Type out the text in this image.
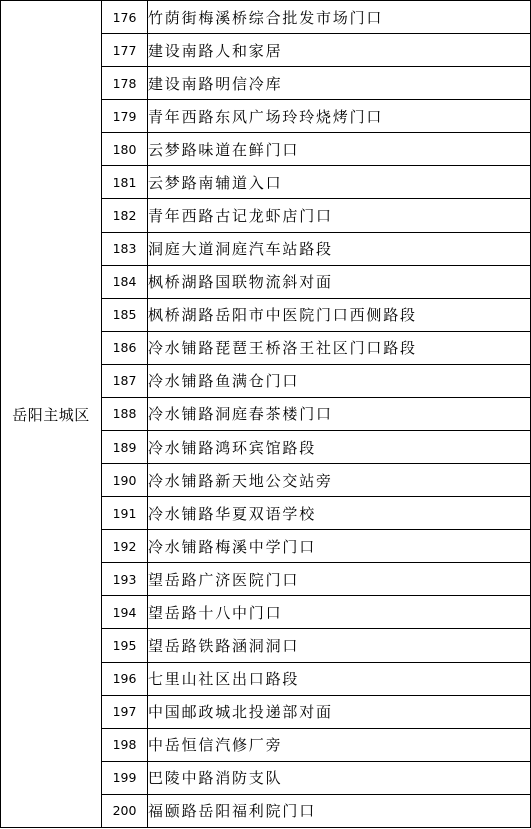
岳阳主城区	176	竹荫街梅溪桥综合批发市场门口
	177	建设南路人和家居
	178	建设南路明信冷库
	179	青年西路东风广场玲玲烧烤门口
	180	云梦路味道在鲜门口
	181	云梦路南辅道入口
	182	青年西路古记龙虾店门口
	183	洞庭大道洞庭汽车站路段
	184	枫桥湖路国联物流斜对面
	185	枫桥湖路岳阳市中医院门口西侧路段
	186	冷水铺路琵琶王桥洛王社区门口路段
	187	冷水铺路鱼满仓门口
	188	冷水铺路洞庭春茶楼门口
	189	冷水铺路鸿环宾馆路段
	190	冷水铺路新天地公交站旁
	191	冷水铺路华夏双语学校
	192	冷水铺路梅溪中学门口
	193	望岳路广济医院门口
	194	望岳路十八中门口
	195	望岳路铁路涵洞洞口
	196	七里山社区出口路段
	197	中国邮政城北投递部对面
	198	中岳恒信汽修厂旁
	199	巴陵中路消防支队
	200	福颐路岳阳福利院门口
